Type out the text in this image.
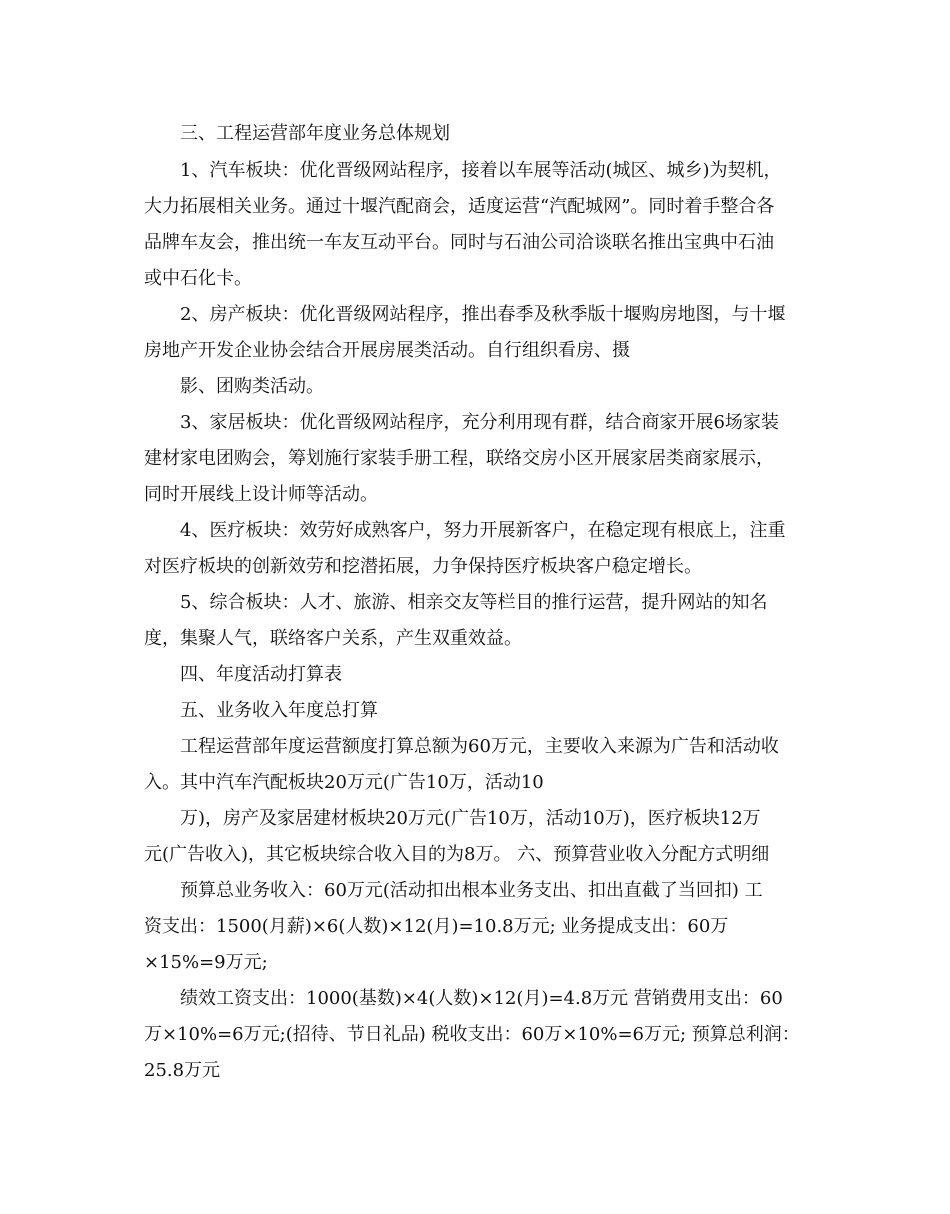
三、工程运营部年度业务总体规划

1、汽车板块：优化晋级网站程序，接着以车展等活动(城区、城乡)为契机，

大力拓展相关业务。通过十堰汽配商会，适度运营“汽配城网”。同时着手整合各

品牌车友会，推出统一车友互动平台。同时与石油公司洽谈联名推出宝典中石油

或中石化卡。

2、房产板块：优化晋级网站程序，推出春季及秋季版十堰购房地图，与十堰

房地产开发企业协会结合开展房展类活动。自行组织看房、摄

影、团购类活动。

3、家居板块：优化晋级网站程序，充分利用现有群，结合商家开展6场家装

建材家电团购会，筹划施行家装手册工程，联络交房小区开展家居类商家展示，

同时开展线上设计师等活动。

4、医疗板块：效劳好成熟客户，努力开展新客户，在稳定现有根底上，注重

对医疗板块的创新效劳和挖潜拓展，力争保持医疗板块客户稳定增长。

5、综合板块：人才、旅游、相亲交友等栏目的推行运营，提升网站的知名

度，集聚人气，联络客户关系，产生双重效益。

四、年度活动打算表

五、业务收入年度总打算

工程运营部年度运营额度打算总额为60万元，主要收入来源为广告和活动收

入。其中汽车汽配板块20万元(广告10万，活动10

万)，房产及家居建材板块20万元(广告10万，活动10万)，医疗板块12万

元(广告收入)，其它板块综合收入目的为8万。 六、预算营业收入分配方式明细

预算总业务收入：60万元(活动扣出根本业务支出、扣出直截了当回扣) 工

资支出：1500(月薪)×6(人数)×12(月)=10.8万元; 业务提成支出：60万

×15%=9万元;

绩效工资支出：1000(基数)×4(人数)×12(月)=4.8万元 营销费用支出：60

万×10%=6万元;(招待、节日礼品) 税收支出：60万×10%=6万元; 预算总利润：

25.8万元
